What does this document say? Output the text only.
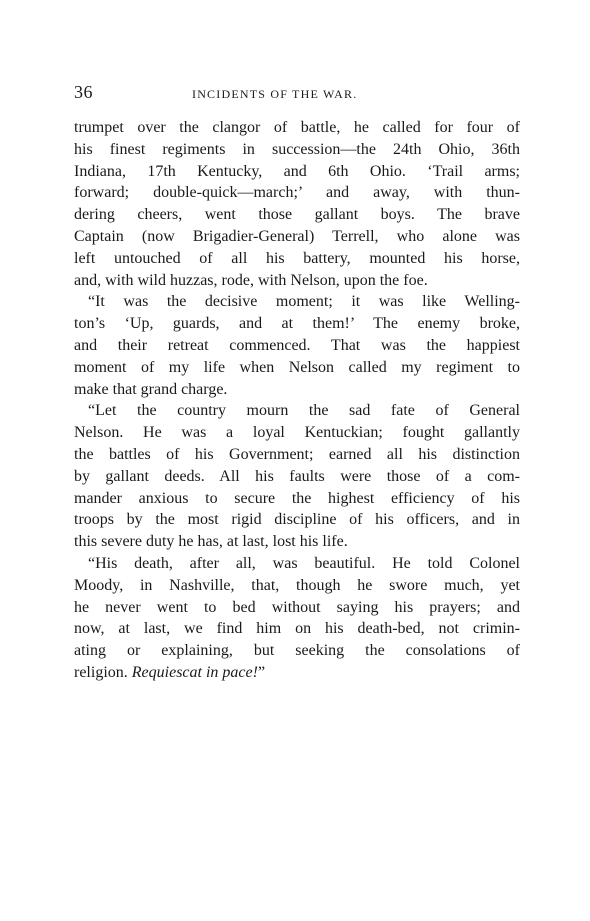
36	INCIDENTS OF THE WAR.
trumpet over the clangor of battle, he called for four of
his finest regiments in succession—the 24th Ohio, 36th
Indiana, 17th Kentucky, and 6th Ohio. ‘Trail arms;
forward; double-quick—march;’ and away, with thun-
dering cheers, went those gallant boys. The brave
Captain (now Brigadier-General) Terrell, who alone was
left untouched of all his battery, mounted his horse,
and, with wild huzzas, rode, with Nelson, upon the foe.
“It was the decisive moment; it was like Welling-
ton’s ‘Up, guards, and at them!’ The enemy broke,
and their retreat commenced. That was the happiest
moment of my life when Nelson called my regiment to
make that grand charge.
“Let the country mourn the sad fate of General
Nelson. He was a loyal Kentuckian; fought gallantly
the battles of his Government; earned all his distinction
by gallant deeds. All his faults were those of a com-
mander anxious to secure the highest efficiency of his
troops by the most rigid discipline of his officers, and in
this severe duty he has, at last, lost his life.
“His death, after all, was beautiful. He told Colonel
Moody, in Nashville, that, though he swore much, yet
he never went to bed without saying his prayers; and
now, at last, we find him on his death-bed, not crimin-
ating or explaining, but seeking the consolations of
religion. Requiescat in pace!”
